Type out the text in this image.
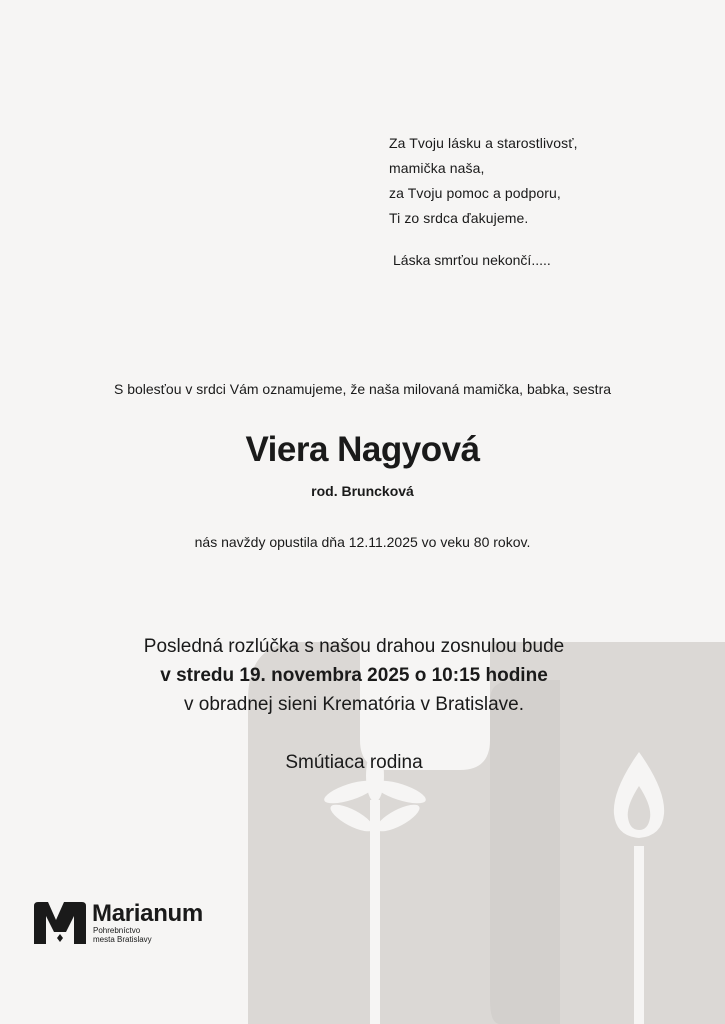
Za Tvoju lásku a starostlivosť,
mamička naša,
za Tvoju pomoc a podporu,
Ti zo srdca ďakujeme.
Láska smrťou nekončí.....
S bolesťou v srdci Vám oznamujeme, že naša milovaná mamička, babka, sestra
Viera Nagyová
rod. Bruncková
nás navždy opustila dňa 12.11.2025 vo veku 80 rokov.
Posledná rozlúčka s našou drahou zosnulou bude
v stredu 19. novembra 2025 o 10:15 hodine
v obradnej sieni Krematória v Bratislave.
Smútiaca rodina
Marianum
Pohrebníctvo
mesta Bratislavy
